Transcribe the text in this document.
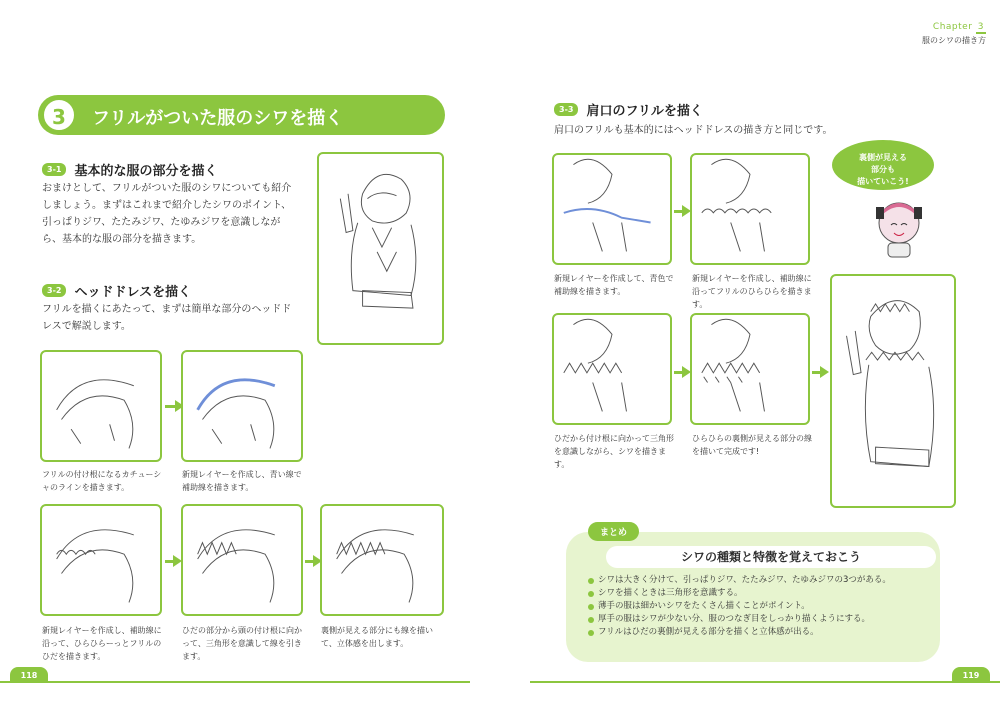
Chapter 3
服のシワの描き方
3	フリルがついた服のシワを描く
3-1	基本的な服の部分を描く
おまけとして、フリルがついた服のシワについても紹介しましょう。まずはこれまで紹介したシワのポイント、引っぱりジワ、たたみジワ、たゆみジワを意識しながら、基本的な服の部分を描きます。
3-2	ヘッドドレスを描く
フリルを描くにあたって、まずは簡単な部分のヘッドドレスで解説します。
フリルの付け根になるカチューシャのラインを描きます。
新規レイヤーを作成し、青い線で補助線を描きます。
新規レイヤーを作成し、補助線に沿って、ひらひらーっとフリルのひだを描きます。
ひだの部分から頭の付け根に向かって、三角形を意識して線を引きます。
裏側が見える部分にも線を描いて、立体感を出します。
3-3	肩口のフリルを描く
肩口のフリルも基本的にはヘッドドレスの描き方と同じです。
新規レイヤーを作成して、青色で補助線を描きます。
新規レイヤーを作成し、補助線に沿ってフリルのひらひらを描きます。
ひだから付け根に向かって三角形を意識しながら、シワを描きます。
ひらひらの裏側が見える部分の線を描いて完成です!
裏側が見える
部分も
描いていこう!
まとめ
シワの種類と特徴を覚えておこう
シワは大きく分けて、引っぱりジワ、たたみジワ、たゆみジワの3つがある。
シワを描くときは三角形を意識する。
薄手の服は細かいシワをたくさん描くことがポイント。
厚手の服はシワが少ない分、服のつなぎ目をしっかり描くようにする。
フリルはひだの裏側が見える部分を描くと立体感が出る。
118	119
